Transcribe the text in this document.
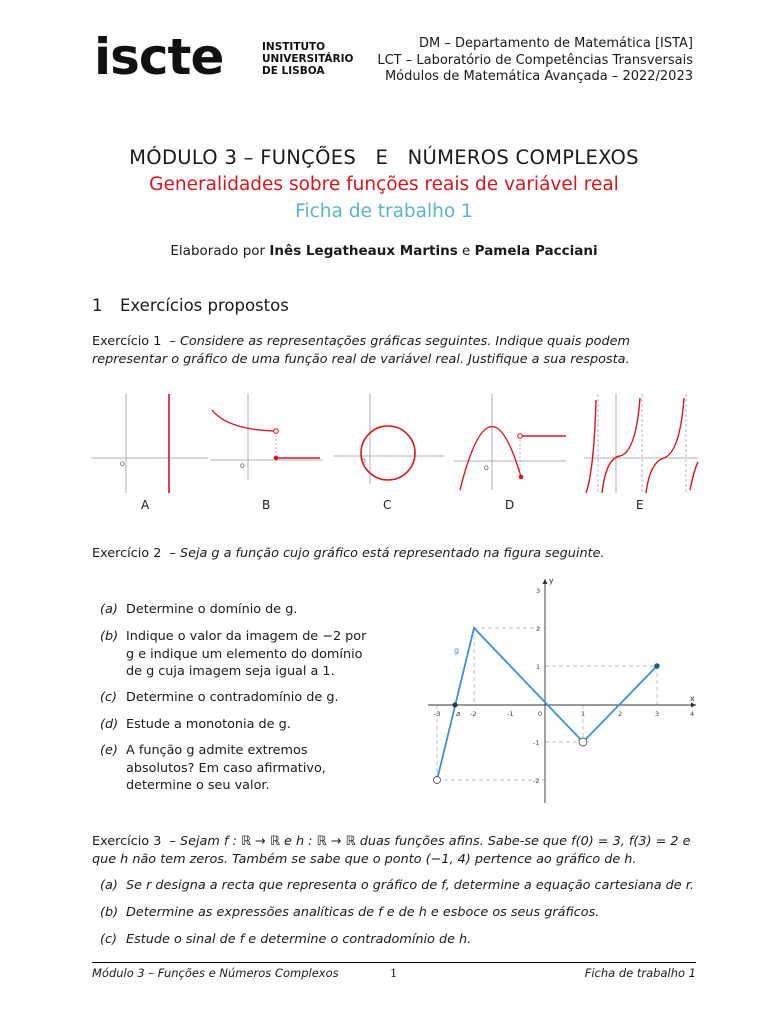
iscte	INSTITUTO
UNIVERSITÁRIO
DE LISBOA
DM – Departamento de Matemática [ISTA]
LCT – Laboratório de Competências Transversais
Módulos de Matemática Avançada – 2022/2023
MÓDULO 3 – FUNÇÕES   E   NÚMEROS COMPLEXOS
Generalidades sobre funções reais de variável real
Ficha de trabalho 1
Elaborado por Inês Legatheaux Martins e Pamela Pacciani
1 Exercícios propostos
Exercício 1 – Considere as representações gráficas seguintes. Indique quais podem representar o gráfico de uma função real de variável real. Justifique a sua resposta.
O	O
O
O
A	B	C	D	E
Exercício 2 – Seja g a função cujo gráfico está representado na figura seguinte.
(a) Determine o domínio de g.
(b) Indique o valor da imagem de −2 por g e indique um elemento do domínio de g cuja imagem seja igual a 1.
(c) Determine o contradomínio de g.
(d) Estude a monotonia de g.
(e) A função g admite extremos absolutos? Em caso afirmativo, determine o seu valor.
x
y
-3	-2	-1	1	2	3	4
3
2
1
-1
-2
0
a
g
Exercício 3 – Sejam f : ℝ → ℝ e h : ℝ → ℝ duas funções afins. Sabe-se que f(0) = 3, f(3) = 2 e que h não tem zeros. Também se sabe que o ponto (−1, 4) pertence ao gráfico de h.
(a) Se r designa a recta que representa o gráfico de f, determine a equação cartesiana de r.
(b) Determine as expressões analíticas de f e de h e esboce os seus gráficos.
(c) Estude o sinal de f e determine o contradomínio de h.
Módulo 3 – Funções e Números Complexos	1	Ficha de trabalho 1
